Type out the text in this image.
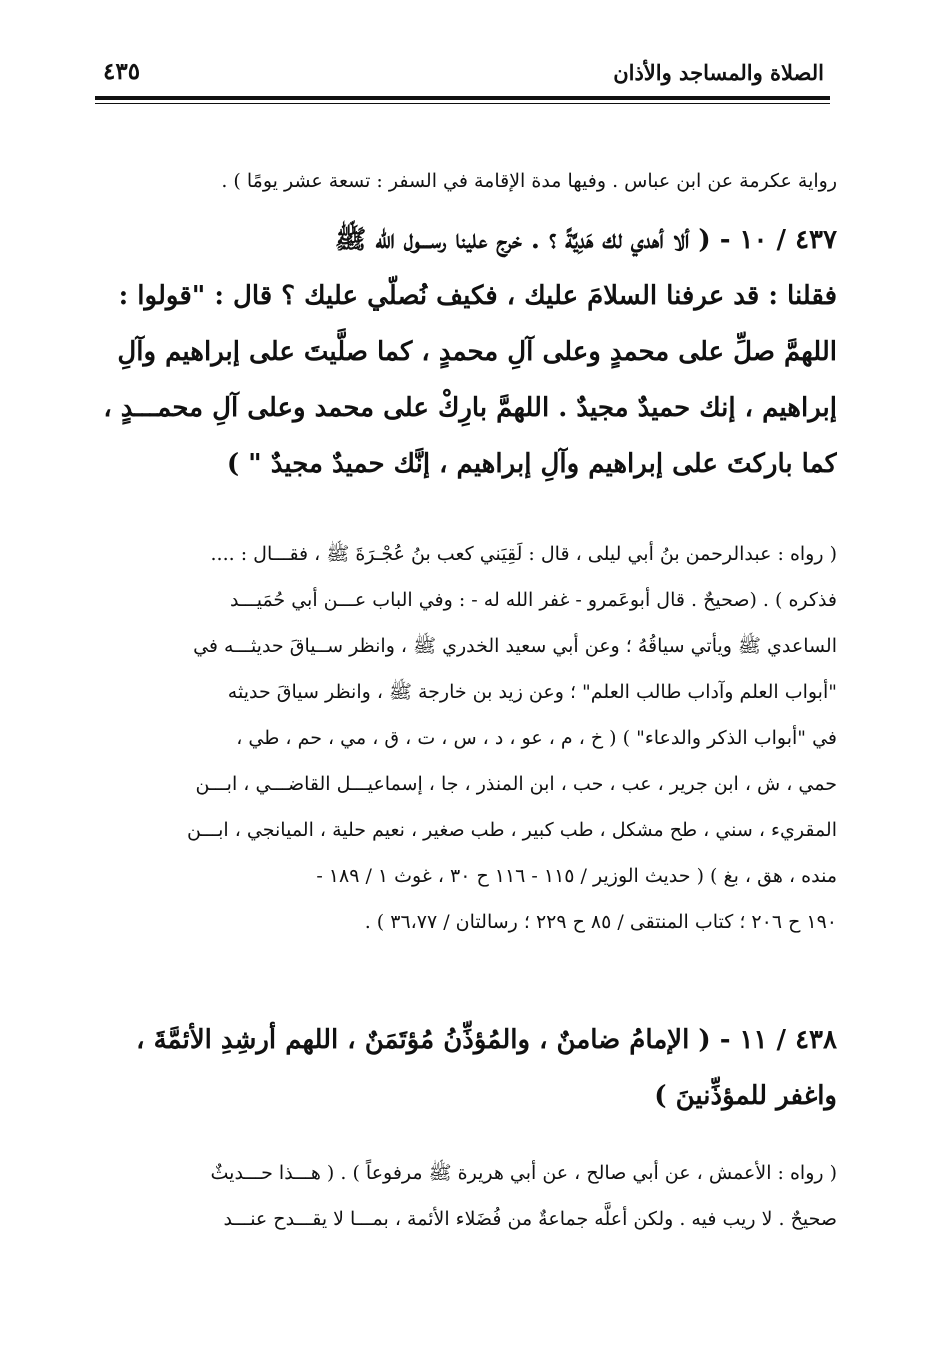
الصلاة والمساجد والأذان
٤٣٥
رواية عكرمة عن ابن عباس . وفيها مدة الإقامة في السفر : تسعة عشر يومًا ) .
٤٣٧ / ١٠ - ( ألا أهدي لك هَدِيَّةً ؟ . خرج علينا رســـول الله ﷺ
فقلنا : قد عرفنا السلامَ عليك ، فكيف نُصلّي عليك ؟ قال : "قولوا :
اللهمَّ صلِّ على محمدٍ وعلى آلِ محمدٍ ، كما صلَّيتَ على إبراهيم وآلِ
إبراهيم ، إنك حميدٌ مجيدٌ . اللهمَّ بارِكْ على محمد وعلى آلِ محمـــدٍ ،
كما باركتَ على إبراهيم وآلِ إبراهيم ، إنَّك حميدٌ مجيدٌ " )
( رواه : عبدالرحمن بنُ أبي ليلى ، قال : لَقِيَني كعب بنُ عُجْـرَةَ ﷺ ، فقـــال : ....
فذكره ) . (صحيحٌ . قال أبوعَمرو - غفر الله له - : وفي الباب عـــن أبي حُمَيـــد
الساعدي ﷺ ويأتي سياقُهُ ؛ وعن أبي سعيد الخدري ﷺ ، وانظر ســياقَ حديثـــه في
"أبواب العلم وآداب طالب العلم" ؛ وعن زيد بن خارجة ﷺ ، وانظر سياقَ حديثه
في "أبواب الذكر والدعاء" ) ( خ ، م ، عو ، د ، س ، ت ، ق ، مي ، حم ، طي ،
حمي ، ش ، ابن جرير ، عب ، حب ، ابن المنذر ، جا ، إسماعيـــل القاضـــي ، ابـــن
المقريء ، سني ، طح مشكل ، طب كبير ، طب صغير ، نعيم حلية ، الميانجي ، ابـــن
منده ، هق ، بغ ) ( حديث الوزير / ١١٥ - ١١٦ ح ٣٠ ، غوث ١ / ١٨٩ -
١٩٠ ح ٢٠٦ ؛ كتاب المنتقى / ٨٥ ح ٢٢٩ ؛ رسالتان / ٣٦،٧٧ ) .
٤٣٨ / ١١ - ( الإمامُ ضامنٌ ، والمُؤذِّنُ مُؤتَمَنٌ ، اللهم أرشِدِ الأئمَّةَ ،
واغفر للمؤذِّنينَ )
( رواه : الأعمش ، عن أبي صالح ، عن أبي هريرة ﷺ مرفوعاً ) . ( هـــذا حـــديثٌ
صحيحٌ . لا ريب فيه . ولكن أعلَّه جماعةٌ من فُضَلاء الأئمة ، بمـــا لا يقـــدح عنـــد
